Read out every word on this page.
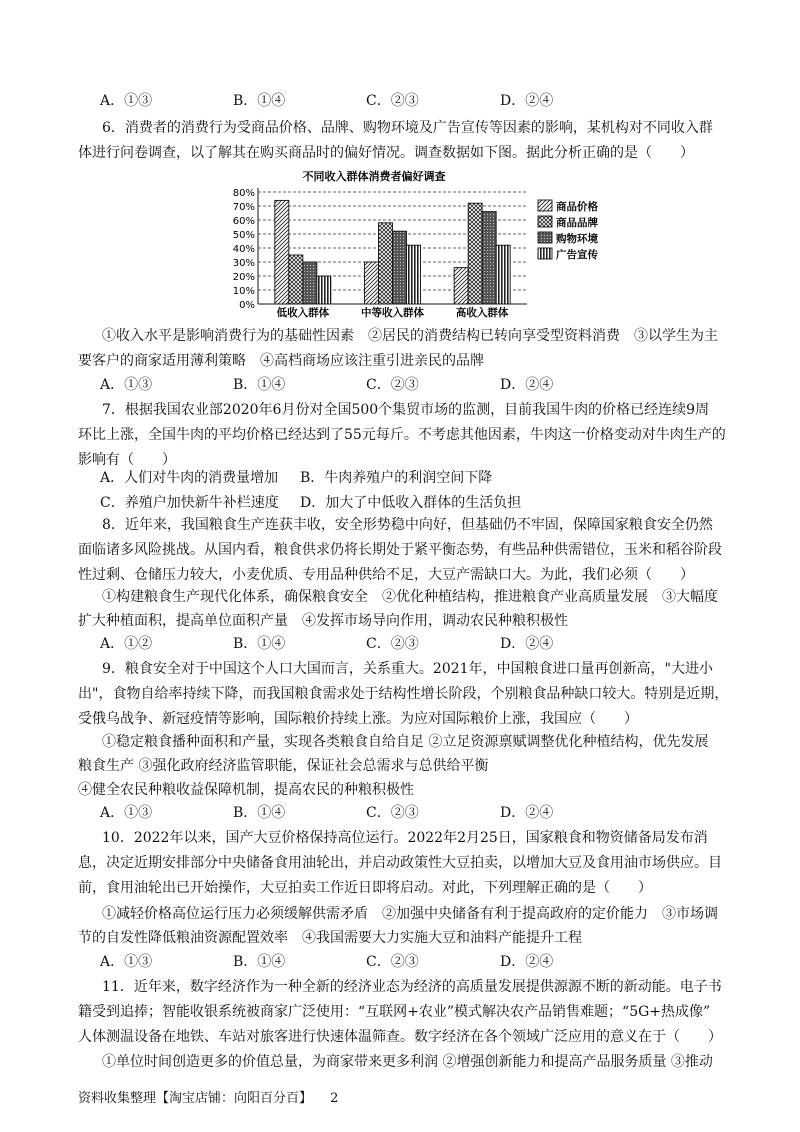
A．①③	B．①④	C．②③	D．②④
6．消费者的消费行为受商品价格、品牌、购物环境及广告宣传等因素的影响，某机构对不同收入群
体进行问卷调查，以了解其在购买商品时的偏好情况。调查数据如下图。据此分析正确的是（　　）
不同收入群体消费者偏好调查
0%
10%
20%
30%
40%
50%
60%
70%
80%
低收入群体	中等收入群体	高收入群体
商品价格
商品品牌
购物环境
广告宣传
①收入水平是影响消费行为的基础性因素　②居民的消费结构已转向享受型资料消费　③以学生为主
要客户的商家适用薄利策略　④高档商场应该注重引进亲民的品牌
A．①③	B．①④	C．②③	D．②④
7．根据我国农业部2020年6月份对全国500个集贸市场的监测，目前我国牛肉的价格已经连续9周
环比上涨，全国牛肉的平均价格已经达到了55元每斤。不考虑其他因素，牛肉这一价格变动对牛肉生产的
影响有（　　）
A．人们对牛肉的消费量增加 B．牛肉养殖户的利润空间下降
C．养殖户加快新牛补栏速度 D．加大了中低收入群体的生活负担
8．近年来，我国粮食生产连获丰收，安全形势稳中向好，但基础仍不牢固，保障国家粮食安全仍然
面临诸多风险挑战。从国内看，粮食供求仍将长期处于紧平衡态势，有些品种供需错位，玉米和稻谷阶段
性过剩、仓储压力较大，小麦优质、专用品种供给不足，大豆产需缺口大。为此，我们必须（　　）
①构建粮食生产现代化体系，确保粮食安全　②优化种植结构，推进粮食产业高质量发展　③大幅度
扩大种植面积，提高单位面积产量　④发挥市场导向作用，调动农民种粮积极性
A．①②	B．①④	C．②③	D．②④
9．粮食安全对于中国这个人口大国而言，关系重大。2021年，中国粮食进口量再创新高，"大进小
出"，食物自给率持续下降，而我国粮食需求处于结构性增长阶段，个别粮食品种缺口较大。特别是近期，
受俄乌战争、新冠疫情等影响，国际粮价持续上涨。为应对国际粮价上涨，我国应（　　）
①稳定粮食播种面积和产量，实现各类粮食自给自足 ②立足资源禀赋调整优化种植结构，优先发展
粮食生产 ③强化政府经济监管职能，保证社会总需求与总供给平衡
④健全农民种粮收益保障机制，提高农民的种粮积极性
A．①③	B．①④	C．②③	D．②④
10．2022年以来，国产大豆价格保持高位运行。2022年2月25日，国家粮食和物资储备局发布消
息，决定近期安排部分中央储备食用油轮出，并启动政策性大豆拍卖，以增加大豆及食用油市场供应。目
前，食用油轮出已开始操作，大豆拍卖工作近日即将启动。对此，下列理解正确的是（　　）
①减轻价格高位运行压力必须缓解供需矛盾　②加强中央储备有利于提高政府的定价能力　③市场调
节的自发性降低粮油资源配置效率　④我国需要大力实施大豆和油料产能提升工程
A．①③	B．①④	C．②③	D．②④
11．近年来，数字经济作为一种全新的经济业态为经济的高质量发展提供源源不断的新动能。电子书
籍受到追捧；智能收银系统被商家广泛使用：“互联网+农业”模式解决农产品销售难题；“5G+热成像”
人体测温设备在地铁、车站对旅客进行快速体温筛查。数字经济在各个领域广泛应用的意义在于（　　）
①单位时间创造更多的价值总量，为商家带来更多利润 ②增强创新能力和提高产品服务质量 ③推动
资料收集整理【淘宝店铺：向阳百分百】 2
